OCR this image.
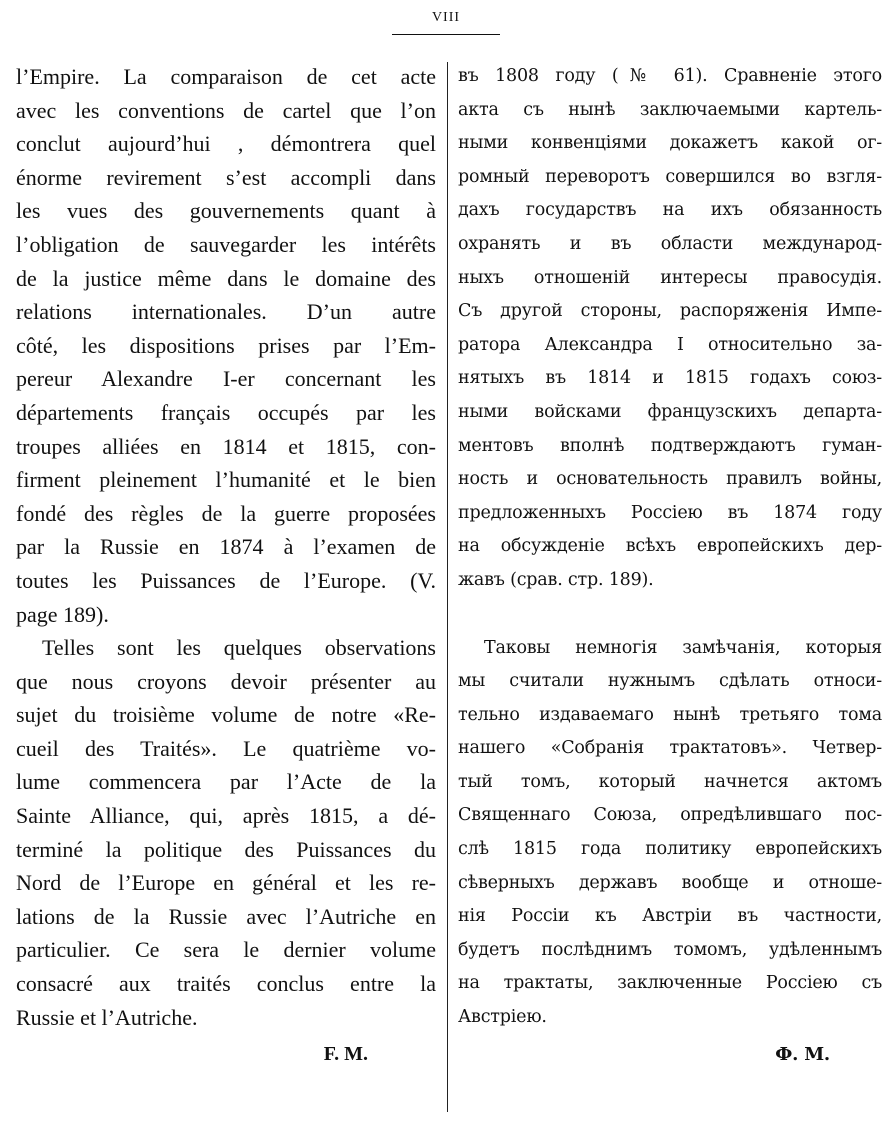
VIII
l’Empire. La comparaison de cet acte
avec les conventions de cartel que l’on
conclut aujourd’hui , démontrera quel
énorme revirement s’est accompli dans
les vues des gouvernements quant à
l’obligation de sauvegarder les intérêts
de la justice même dans le domaine des
relations internationales. D’un autre
côté, les dispositions prises par l’Em-
pereur Alexandre I-er concernant les
départements français occupés par les
troupes alliées en 1814 et 1815, con-
firment pleinement l’humanité et le bien
fondé des règles de la guerre proposées
par la Russie en 1874 à l’examen de
toutes les Puissances de l’Europe. (V.
page 189).
Telles sont les quelques observations
que nous croyons devoir présenter au
sujet du troisième volume de notre «Re-
cueil des Traités». Le quatrième vo-
lume commencera par l’Acte de la
Sainte Alliance, qui, après 1815, a dé-
terminé la politique des Puissances du
Nord de l’Europe en général et les re-
lations de la Russie avec l’Autriche en
particulier. Ce sera le dernier volume
consacré aux traités conclus entre la
Russie et l’Autriche.
F. M.
въ 1808 году (№ 61). Сравненіе этого
акта съ нынѣ заключаемыми картель-
ными конвенціями докажетъ какой ог-
ромный переворотъ совершился во взгля-
дахъ государствъ на ихъ обязанность
охранять и въ области международ-
ныхъ отношеній интересы правосудія.
Съ другой стороны, распоряженія Импе-
ратора Александра I относительно за-
нятыхъ въ 1814 и 1815 годахъ союз-
ными войсками французскихъ департа-
ментовъ вполнѣ подтверждаютъ гуман-
ность и основательность правилъ войны,
предложенныхъ Россіею въ 1874 году
на обсужденіе всѣхъ европейскихъ дер-
жавъ (срав. стр. 189).
Таковы немногія замѣчанія, которыя
мы считали нужнымъ сдѣлать относи-
тельно издаваемаго нынѣ третьяго тома
нашего «Собранія трактатовъ». Четвер-
тый томъ, который начнется актомъ
Священнаго Союза, опредѣлившаго пос-
слѣ 1815 года политику европейскихъ
сѣверныхъ державъ вообще и отноше-
нія Россіи къ Австріи въ частности,
будетъ послѣднимъ томомъ, удѣленнымъ
на трактаты, заключенные Россіею съ
Австріею.
Ф. М.
